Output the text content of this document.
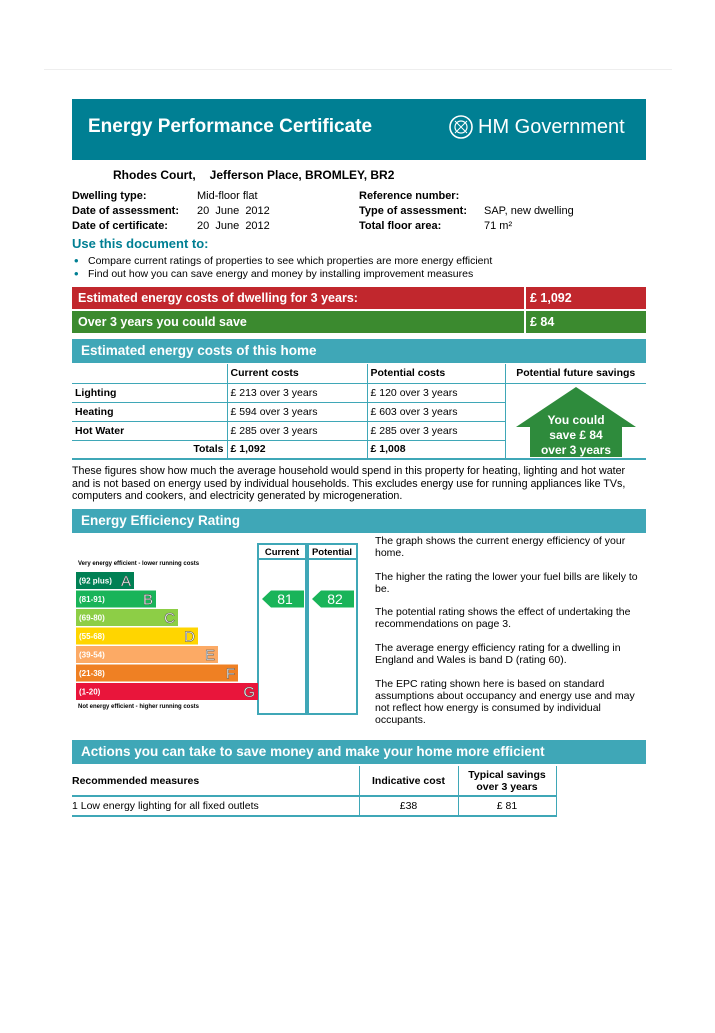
Energy Performance Certificate	HM Government
Rhodes Court, Jefferson Place, BROMLEY, BR2
Dwelling type:	Mid-floor flat
Date of assessment:	20  June  2012
Date of certificate:	20  June  2012
Reference number:
Type of assessment:	SAP, new dwelling
Total floor area:	71 m²
Use this document to:
• Compare current ratings of properties to see which properties are more energy efficient
• Find out how you can save energy and money by installing improvement measures
Estimated energy costs of dwelling for 3 years:	£ 1,092
Over 3 years you could save	£ 84
Estimated energy costs of this home
	Current costs	Potential costs	Potential future savings
Lighting	£ 213 over 3 years	£ 120 over 3 years	
Heating	£ 594 over 3 years	£ 603 over 3 years	
Hot Water	£ 285 over 3 years	£ 285 over 3 years	
Totals	£ 1,092	£ 1,008	
You could
save £ 84
over 3 years
These figures show how much the average household would spend in this property for heating, lighting and hot water and is not based on energy used by individual households. This excludes energy use for running appliances like TVs, computers and cookers, and electricity generated by microgeneration.
Energy Efficiency Rating
Current Potential
Very energy efficient - lower running costs
Not energy efficient - higher running costs
(92 plus) A
(81-91)	B
(69-80)	C
(55-68)	D
(39-54)	E
(21-38)	F
(1-20)	G
81 82
The graph shows the current energy efficiency of your home.
The higher the rating the lower your fuel bills are likely to be.
The potential rating shows the effect of undertaking the recommendations on page 3.
The average energy efficiency rating for a dwelling in England and Wales is band D (rating 60).
The EPC rating shown here is based on standard assumptions about occupancy and energy use and may not reflect how energy is consumed by individual occupants.
Actions you can take to save money and make your home more efficient
Recommended measures	Indicative cost	Typical savings
over 3 years

1 Low energy lighting for all fixed outlets	£38	£ 81
